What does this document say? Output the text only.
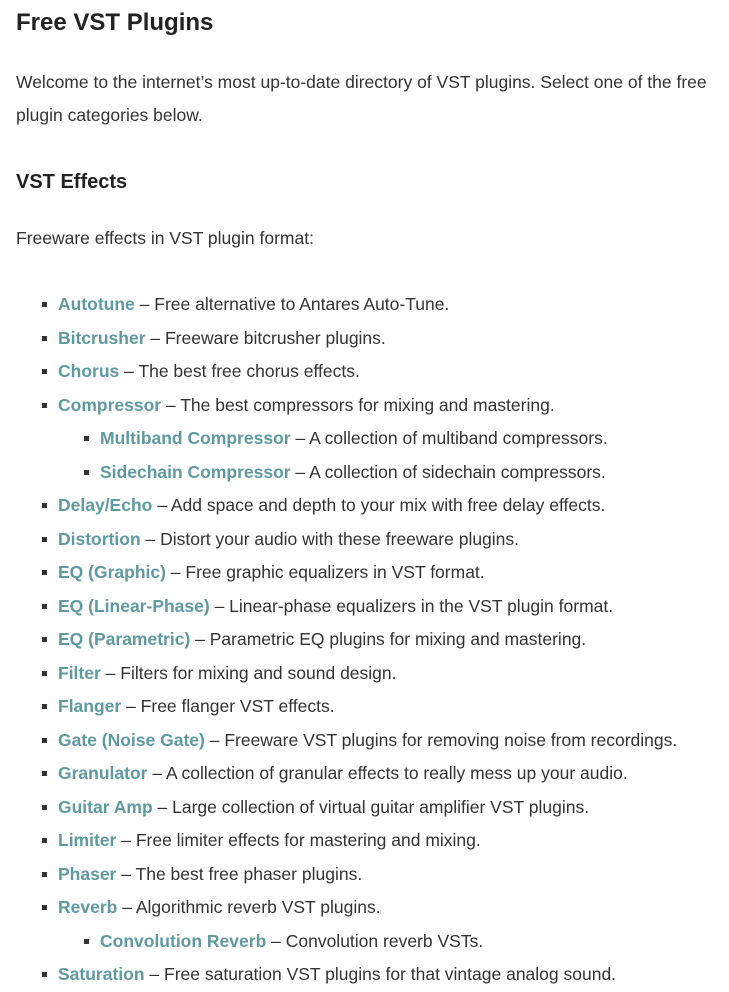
Free VST Plugins

Welcome to the internet’s most up-to-date directory of VST plugins. Select one of the free plugin categories below.

VST Effects

Freeware effects in VST plugin format:

Autotune – Free alternative to Antares Auto-Tune.
Bitcrusher – Freeware bitcrusher plugins.
Chorus – The best free chorus effects.
Compressor – The best compressors for mixing and mastering.
Multiband Compressor – A collection of multiband compressors.
Sidechain Compressor – A collection of sidechain compressors.
Delay/Echo – Add space and depth to your mix with free delay effects.
Distortion – Distort your audio with these freeware plugins.
EQ (Graphic) – Free graphic equalizers in VST format.
EQ (Linear-Phase) – Linear-phase equalizers in the VST plugin format.
EQ (Parametric) – Parametric EQ plugins for mixing and mastering.
Filter – Filters for mixing and sound design.
Flanger – Free flanger VST effects.
Gate (Noise Gate) – Freeware VST plugins for removing noise from recordings.
Granulator – A collection of granular effects to really mess up your audio.
Guitar Amp – Large collection of virtual guitar amplifier VST plugins.
Limiter – Free limiter effects for mastering and mixing.
Phaser – The best free phaser plugins.
Reverb – Algorithmic reverb VST plugins.
Convolution Reverb – Convolution reverb VSTs.
Saturation – Free saturation VST plugins for that vintage analog sound.
